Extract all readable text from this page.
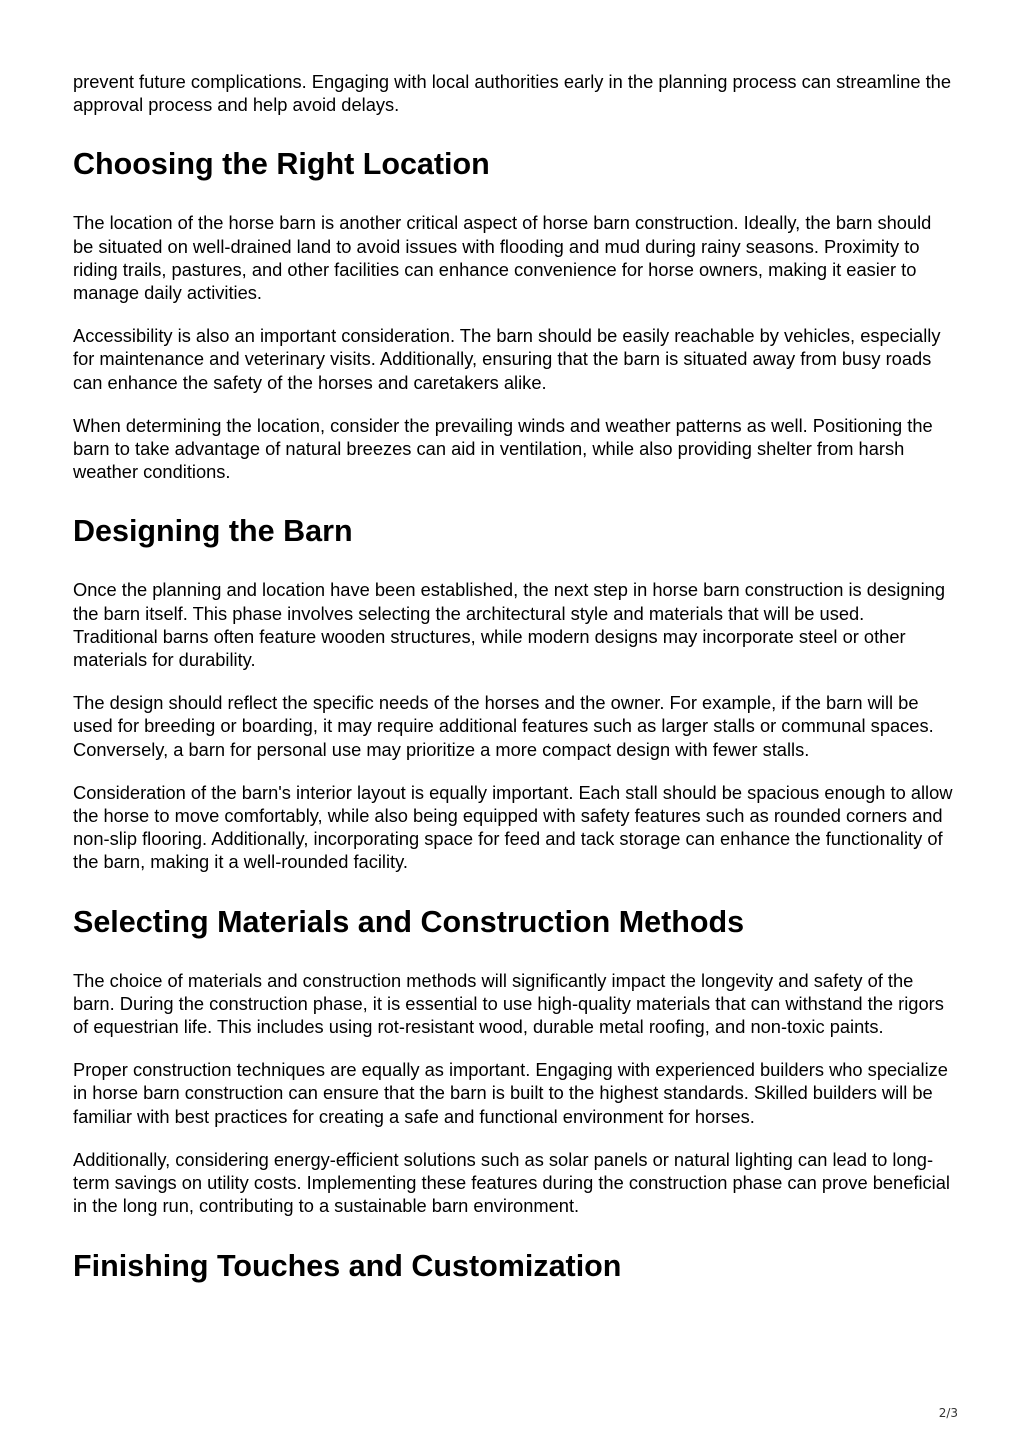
prevent future complications. Engaging with local authorities early in the planning process can streamline the approval process and help avoid delays.

Choosing the Right Location

The location of the horse barn is another critical aspect of horse barn construction. Ideally, the barn should be situated on well-drained land to avoid issues with flooding and mud during rainy seasons. Proximity to riding trails, pastures, and other facilities can enhance convenience for horse owners, making it easier to manage daily activities.

Accessibility is also an important consideration. The barn should be easily reachable by vehicles, especially for maintenance and veterinary visits. Additionally, ensuring that the barn is situated away from busy roads can enhance the safety of the horses and caretakers alike.

When determining the location, consider the prevailing winds and weather patterns as well. Positioning the barn to take advantage of natural breezes can aid in ventilation, while also providing shelter from harsh weather conditions.

Designing the Barn

Once the planning and location have been established, the next step in horse barn construction is designing the barn itself. This phase involves selecting the architectural style and materials that will be used. Traditional barns often feature wooden structures, while modern designs may incorporate steel or other materials for durability.

The design should reflect the specific needs of the horses and the owner. For example, if the barn will be used for breeding or boarding, it may require additional features such as larger stalls or communal spaces. Conversely, a barn for personal use may prioritize a more compact design with fewer stalls.

Consideration of the barn's interior layout is equally important. Each stall should be spacious enough to allow the horse to move comfortably, while also being equipped with safety features such as rounded corners and non-slip flooring. Additionally, incorporating space for feed and tack storage can enhance the functionality of the barn, making it a well-rounded facility.

Selecting Materials and Construction Methods

The choice of materials and construction methods will significantly impact the longevity and safety of the barn. During the construction phase, it is essential to use high-quality materials that can withstand the rigors of equestrian life. This includes using rot-resistant wood, durable metal roofing, and non-toxic paints.

Proper construction techniques are equally as important. Engaging with experienced builders who specialize in horse barn construction can ensure that the barn is built to the highest standards. Skilled builders will be familiar with best practices for creating a safe and functional environment for horses.

Additionally, considering energy-efficient solutions such as solar panels or natural lighting can lead to long-term savings on utility costs. Implementing these features during the construction phase can prove beneficial in the long run, contributing to a sustainable barn environment.

Finishing Touches and Customization
2/3
